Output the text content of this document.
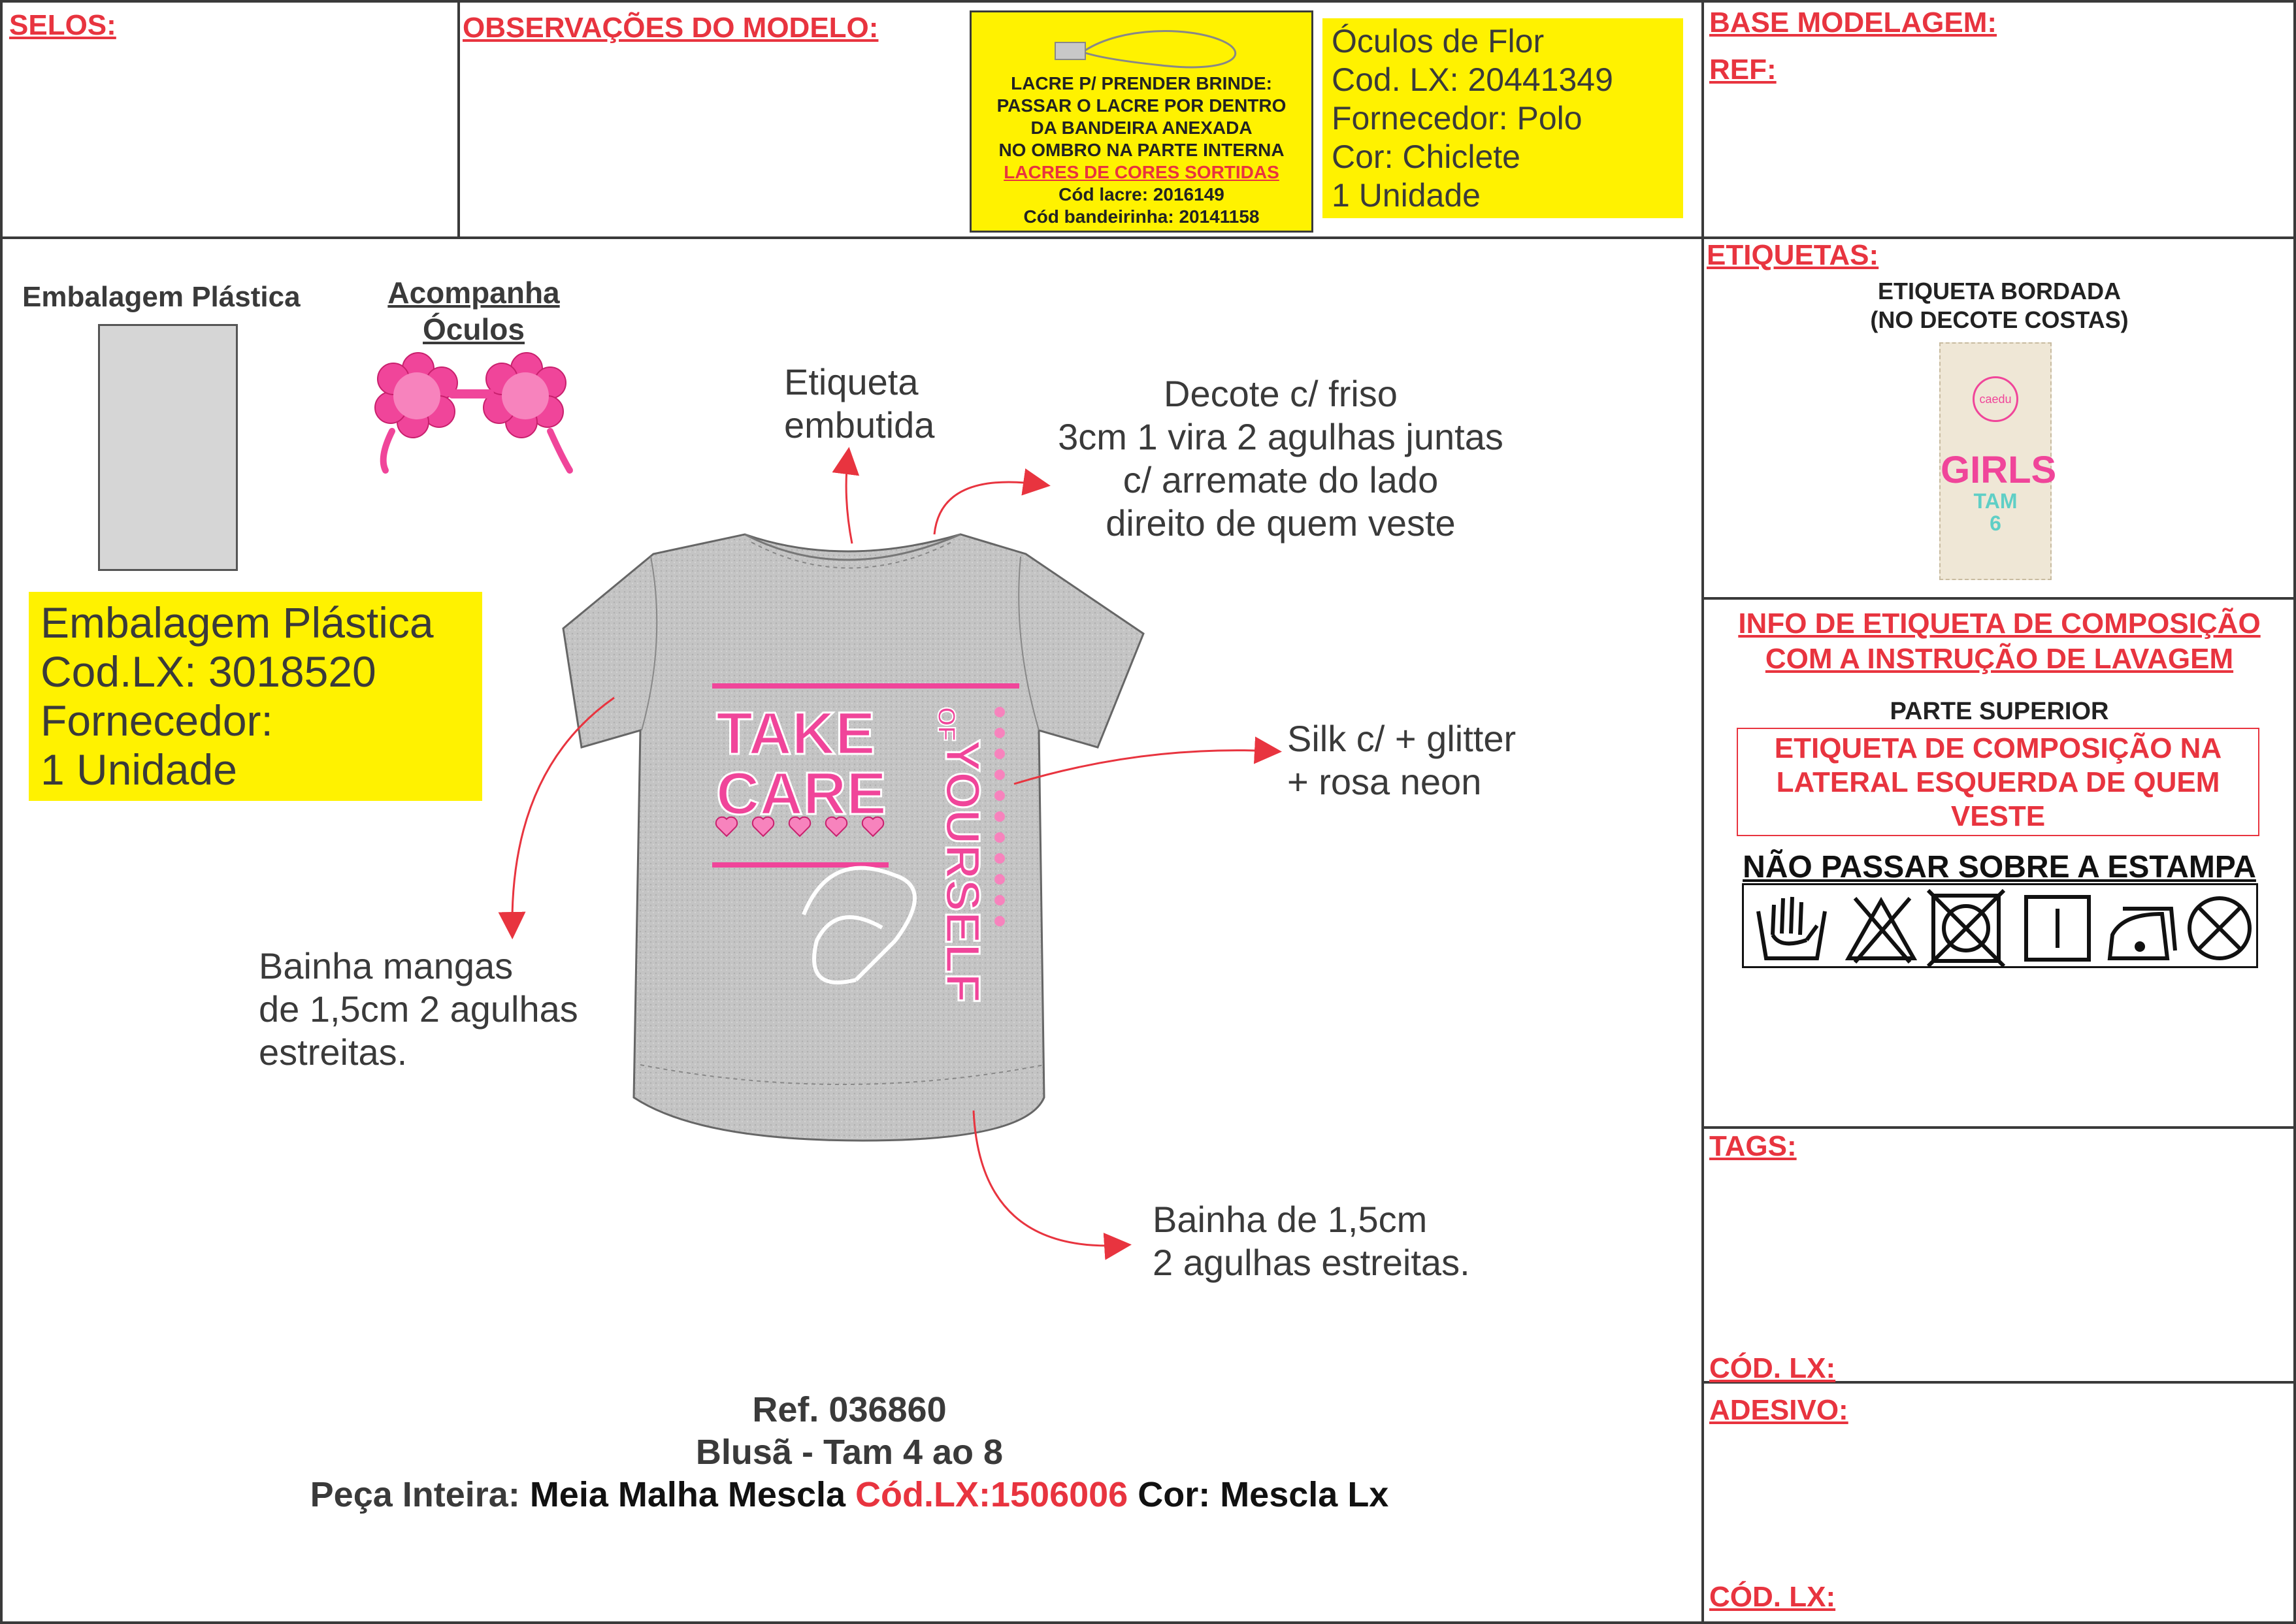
SELOS:	OBSERVAÇÕES DO MODELO:
LACRE P/ PRENDER BRINDE:
PASSAR O LACRE POR DENTRO
DA BANDEIRA ANEXADA
NO OMBRO NA PARTE INTERNA
LACRES DE CORES SORTIDAS
Cód lacre: 2016149
Cód bandeirinha: 20141158
Óculos de Flor
Cod. LX: 20441349
Fornecedor: Polo
Cor: Chiclete
1 Unidade
BASE MODELAGEM:
REF:
Embalagem Plástica	Acompanha
Óculos
Embalagem Plástica
Cod.LX: 3018520
Fornecedor:
1 Unidade
TAKE
CARE
OF
YOURSELF
Etiqueta
embutida
Decote c/ friso
3cm 1 vira 2 agulhas juntas
c/ arremate do lado
direito de quem veste
Silk c/ + glitter
+ rosa neon
Bainha mangas
de 1,5cm 2 agulhas
estreitas.
Bainha de 1,5cm
2 agulhas estreitas.
Ref. 036860
Blusã - Tam 4 ao 8
Peça Inteira: Meia Malha Mescla Cód.LX:1506006 Cor: Mescla Lx
ETIQUETAS:
ETIQUETA BORDADA
(NO DECOTE COSTAS)
caedu
GIRLS
TAM
6
INFO DE ETIQUETA DE COMPOSIÇÃO
COM A INSTRUÇÃO DE LAVAGEM
PARTE SUPERIOR
ETIQUETA DE COMPOSIÇÃO NA
LATERAL ESQUERDA DE QUEM
VESTE
NÃO PASSAR SOBRE A ESTAMPA
TAGS:
CÓD. LX:
ADESIVO:
CÓD. LX:
